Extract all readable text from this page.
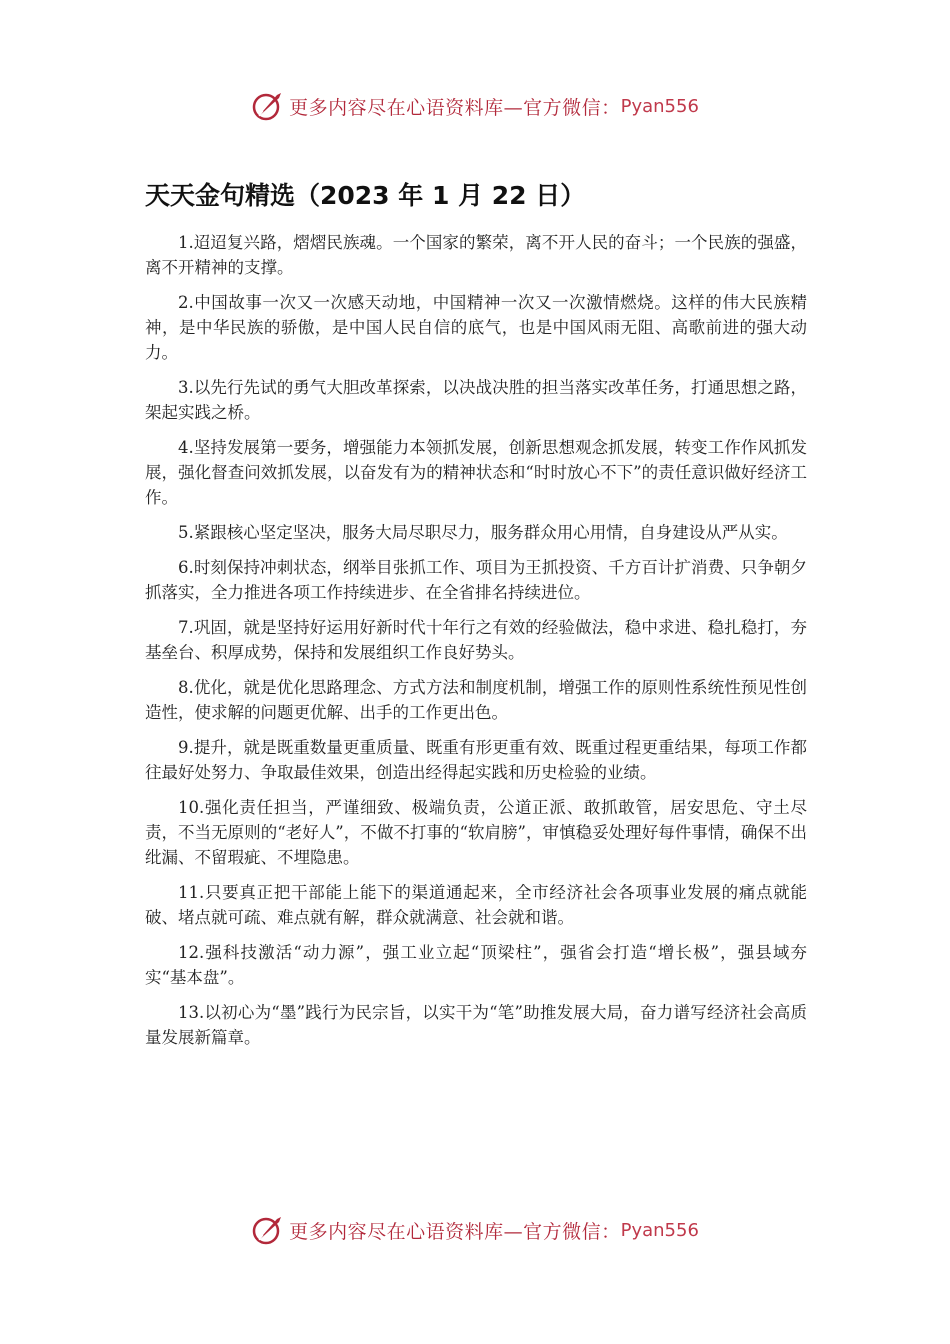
更多内容尽在心语资料库—官方微信： Pyan556
天天金句精选（2023 年 1 月 22 日）

1.迢迢复兴路，熠熠民族魂。一个国家的繁荣，离不开人民的奋斗；一个民族的强盛，离不开精神的支撑。

2.中国故事一次又一次感天动地，中国精神一次又一次激情燃烧。这样的伟大民族精神，是中华民族的骄傲，是中国人民自信的底气，也是中国风雨无阻、高歌前进的强大动力。

3.以先行先试的勇气大胆改革探索，以决战决胜的担当落实改革任务，打通思想之路，架起实践之桥。

4.坚持发展第一要务，增强能力本领抓发展，创新思想观念抓发展，转变工作作风抓发展，强化督查问效抓发展，以奋发有为的精神状态和“时时放心不下”的责任意识做好经济工作。

5.紧跟核心坚定坚决，服务大局尽职尽力，服务群众用心用情，自身建设从严从实。

6.时刻保持冲刺状态，纲举目张抓工作、项目为王抓投资、千方百计扩消费、只争朝夕抓落实，全力推进各项工作持续进步、在全省排名持续进位。

7.巩固，就是坚持好运用好新时代十年行之有效的经验做法，稳中求进、稳扎稳打，夯基垒台、积厚成势，保持和发展组织工作良好势头。

8.优化，就是优化思路理念、方式方法和制度机制，增强工作的原则性系统性预见性创造性，使求解的问题更优解、出手的工作更出色。

9.提升，就是既重数量更重质量、既重有形更重有效、既重过程更重结果，每项工作都往最好处努力、争取最佳效果，创造出经得起实践和历史检验的业绩。

10.强化责任担当，严谨细致、极端负责，公道正派、敢抓敢管，居安思危、守土尽责，不当无原则的“老好人”，不做不打事的“软肩膀”，审慎稳妥处理好每件事情，确保不出纰漏、不留瑕疵、不埋隐患。

11.只要真正把干部能上能下的渠道通起来，全市经济社会各项事业发展的痛点就能破、堵点就可疏、难点就有解，群众就满意、社会就和谐。

12.强科技激活“动力源”，强工业立起“顶梁柱”，强省会打造“增长极”，强县域夯实“基本盘”。

13.以初心为“墨”践行为民宗旨，以实干为“笔”助推发展大局，奋力谱写经济社会高质量发展新篇章。

更多内容尽在心语资料库—官方微信： Pyan556
